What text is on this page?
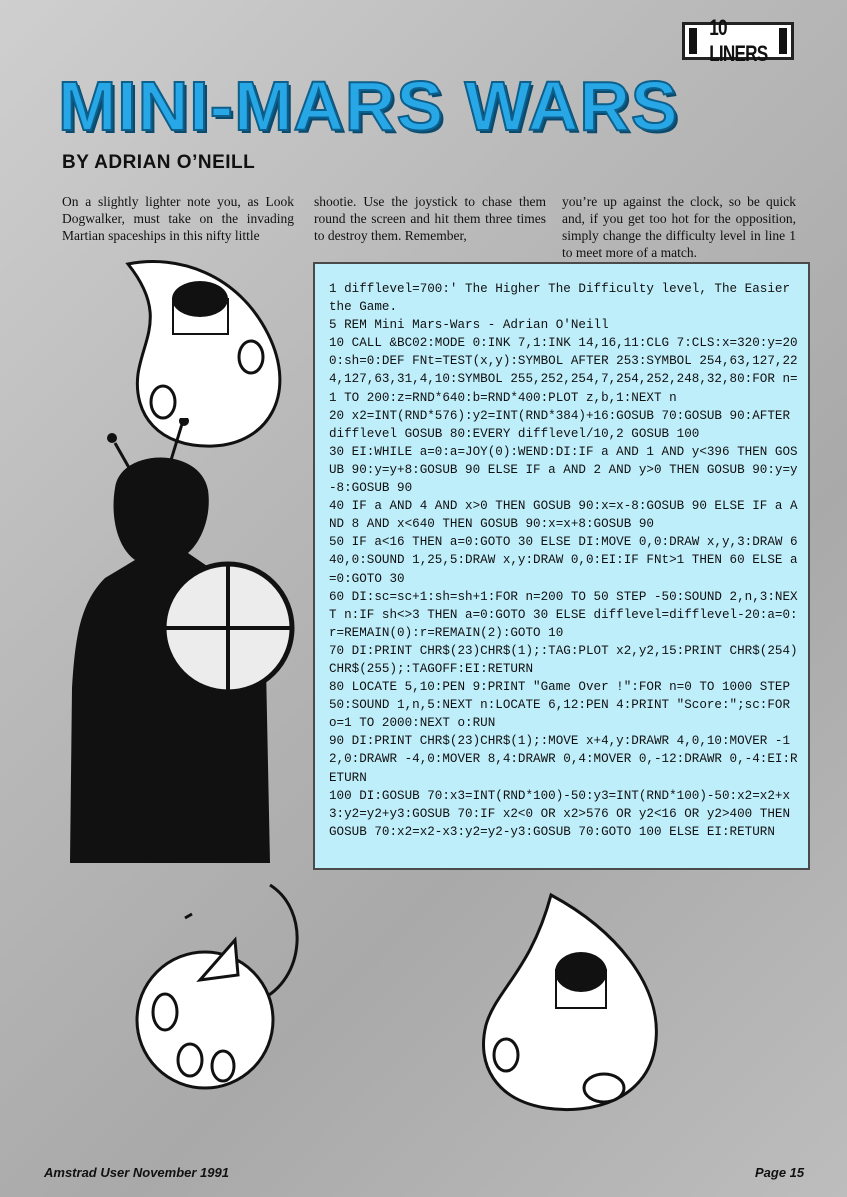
10 LINERS
MINI-MARS WARS
BY ADRIAN O’NEILL
On a slightly lighter note you, as Look Dogwalker, must take on the invading Martian spaceships in this nifty little
shootie. Use the joystick to chase them round the screen and hit them three times to destroy them. Remember,
you’re up against the clock, so be quick and, if you get too hot for the opposition, simply change the difficulty level in line 1 to meet more of a match.
1 difflevel=700:' The Higher The Difficulty level, The Easier the Game.
5 REM Mini Mars-Wars - Adrian O'Neill
10 CALL &BC02:MODE 0:INK 7,1:INK 14,16,11:CLG 7:CLS:x=320:y=200:sh=0:DEF FNt=TEST(x,y):SYMBOL AFTER 253:SYMBOL 254,63,127,224,127,63,31,4,10:SYMBOL 255,252,254,7,254,252,248,32,80:FOR n=1 TO 200:z=RND*640:b=RND*400:PLOT z,b,1:NEXT n
20 x2=INT(RND*576):y2=INT(RND*384)+16:GOSUB 70:GOSUB 90:AFTER difflevel GOSUB 80:EVERY difflevel/10,2 GOSUB 100
30 EI:WHILE a=0:a=JOY(0):WEND:DI:IF a AND 1 AND y<396 THEN GOSUB 90:y=y+8:GOSUB 90 ELSE IF a AND 2 AND y>0 THEN GOSUB 90:y=y-8:GOSUB 90
40 IF a AND 4 AND x>0 THEN GOSUB 90:x=x-8:GOSUB 90 ELSE IF a AND 8 AND x<640 THEN GOSUB 90:x=x+8:GOSUB 90
50 IF a<16 THEN a=0:GOTO 30 ELSE DI:MOVE 0,0:DRAW x,y,3:DRAW 640,0:SOUND 1,25,5:DRAW x,y:DRAW 0,0:EI:IF FNt>1 THEN 60 ELSE a=0:GOTO 30
60 DI:sc=sc+1:sh=sh+1:FOR n=200 TO 50 STEP -50:SOUND 2,n,3:NEXT n:IF sh<>3 THEN a=0:GOTO 30 ELSE difflevel=difflevel-20:a=0:r=REMAIN(0):r=REMAIN(2):GOTO 10
70 DI:PRINT CHR$(23)CHR$(1);:TAG:PLOT x2,y2,15:PRINT CHR$(254)CHR$(255);:TAGOFF:EI:RETURN
80 LOCATE 5,10:PEN 9:PRINT "Game Over !":FOR n=0 TO 1000 STEP 50:SOUND 1,n,5:NEXT n:LOCATE 6,12:PEN 4:PRINT "Score:";sc:FOR o=1 TO 2000:NEXT o:RUN
90 DI:PRINT CHR$(23)CHR$(1);:MOVE x+4,y:DRAWR 4,0,10:MOVER -12,0:DRAWR -4,0:MOVER 8,4:DRAWR 0,4:MOVER 0,-12:DRAWR 0,-4:EI:RETURN
100 DI:GOSUB 70:x3=INT(RND*100)-50:y3=INT(RND*100)-50:x2=x2+x3:y2=y2+y3:GOSUB 70:IF x2<0 OR x2>576 OR y2<16 OR y2>400 THEN GOSUB 70:x2=x2-x3:y2=y2-y3:GOSUB 70:GOTO 100 ELSE EI:RETURN
Amstrad User November 1991	Page 15
